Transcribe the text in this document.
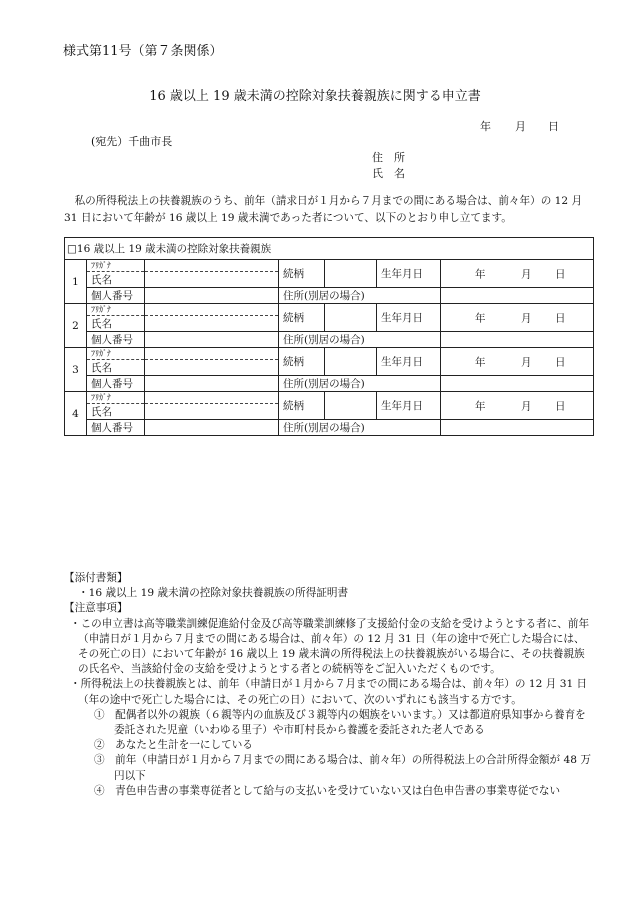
様式第11号（第７条関係）
16 歳以上 19 歳未満の控除対象扶養親族に関する申立書
年 月 日
(宛先）千曲市長
住　所
氏　名

私の所得税法上の扶養親族のうち、前年（請求日が１月から７月までの間にある場合は、前々年）の 12 月 31 日において年齢が 16 歳以上 19 歳未満であった者について、以下のとおり申し立てます。

□16 歳以上 19 歳未満の控除対象扶養親族						
1	ﾌﾘｶﾞﾅ		続柄		生年月日	年 月 日

	氏名					
	個人番号		住所(別居の場合)			
2	ﾌﾘｶﾞﾅ		続柄		生年月日	年 月 日

	氏名					
	個人番号		住所(別居の場合)			
3	ﾌﾘｶﾞﾅ		続柄		生年月日	年 月 日

	氏名					
	個人番号		住所(別居の場合)			
4	ﾌﾘｶﾞﾅ		続柄		生年月日	年 月 日

	氏名					
	個人番号		住所(別居の場合)			

【添付書類】

・16 歳以上 19 歳未満の控除対象扶養親族の所得証明書

【注意事項】

・この申立書は高等職業訓練促進給付金及び高等職業訓練修了支援給付金の支給を受けようとする者に、前年（申請日が１月から７月までの間にある場合は、前々年）の 12 月 31 日（年の途中で死亡した場合には、その死亡の日）において年齢が 16 歳以上 19 歳未満の所得税法上の扶養親族がいる場合に、その扶養親族の氏名や、当該給付金の支給を受けようとする者との続柄等をご記入いただくものです。

・所得税法上の扶養親族とは、前年（申請日が１月から７月までの間にある場合は、前々年）の 12 月 31 日（年の途中で死亡した場合には、その死亡の日）において、次のいずれにも該当する方です。

①　配偶者以外の親族（６親等内の血族及び３親等内の姻族をいいます。）又は都道府県知事から養育を委託された児童（いわゆる里子）や市町村長から養護を委託された老人である

②　あなたと生計を一にしている

③　前年（申請日が１月から７月までの間にある場合は、前々年）の所得税法上の合計所得金額が 48 万円以下

④　青色申告書の事業専従者として給与の支払いを受けていない又は白色申告書の事業専従でない
